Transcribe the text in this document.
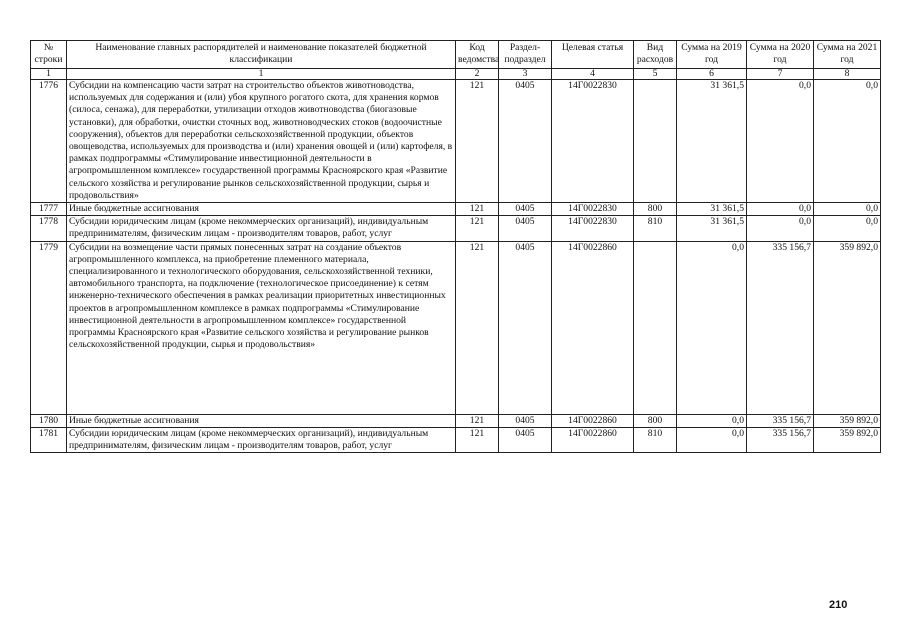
№ строки	Наименование главных распорядителей и наименование показателей бюджетной классификации	Код ведомства	Раздел-подраздел	Целевая статья	Вид расходов	Сумма на 2019 год	Сумма на 2020 год	Сумма на 2021 год
1	1	2	3	4	5	6	7	8
1776	Субсидии на компенсацию части затрат на строительство объектов животноводства, используемых для содержания и (или) убоя крупного рогатого скота, для хранения кормов (силоса, сенажа), для переработки, утилизации отходов животноводства (биогазовые установки), для обработки, очистки сточных вод, животноводческих стоков (водоочистные сооружения), объектов для переработки сельскохозяйственной продукции, объектов овощеводства, используемых для производства и (или) хранения овощей и (или) картофеля, в рамках подпрограммы «Стимулирование инвестиционной деятельности в агропромышленном комплексе» государственной программы Красноярского края «Развитие сельского хозяйства и регулирование рынков сельскохозяйственной продукции, сырья и продовольствия»	121	0405	14Г0022830		31 361,5	0,0	0,0
1777	Иные бюджетные ассигнования	121	0405	14Г0022830	800	31 361,5	0,0	0,0
1778	Субсидии юридическим лицам (кроме некоммерческих организаций), индивидуальным предпринимателям, физическим лицам - производителям товаров, работ, услуг	121	0405	14Г0022830	810	31 361,5	0,0	0,0
1779	Субсидии на возмещение части прямых понесенных затрат на создание объектов агропромышленного комплекса, на приобретение племенного материала, специализированного и технологического оборудования, сельскохозяйственной техники, автомобильного транспорта, на подключение (технологическое присоединение) к сетям инженерно-технического обеспечения в рамках реализации приоритетных инвестиционных проектов в агропромышленном комплексе в рамках подпрограммы «Стимулирование инвестиционной деятельности в агропромышленном комплексе» государственной программы Красноярского края «Развитие сельского хозяйства и регулирование рынков сельскохозяйственной продукции, сырья и продовольствия»	121	0405	14Г0022860		0,0	335 156,7	359 892,0
1780	Иные бюджетные ассигнования	121	0405	14Г0022860	800	0,0	335 156,7	359 892,0
1781	Субсидии юридическим лицам (кроме некоммерческих организаций), индивидуальным предпринимателям, физическим лицам - производителям товаров, работ, услуг	121	0405	14Г0022860	810	0,0	335 156,7	359 892,0
210
